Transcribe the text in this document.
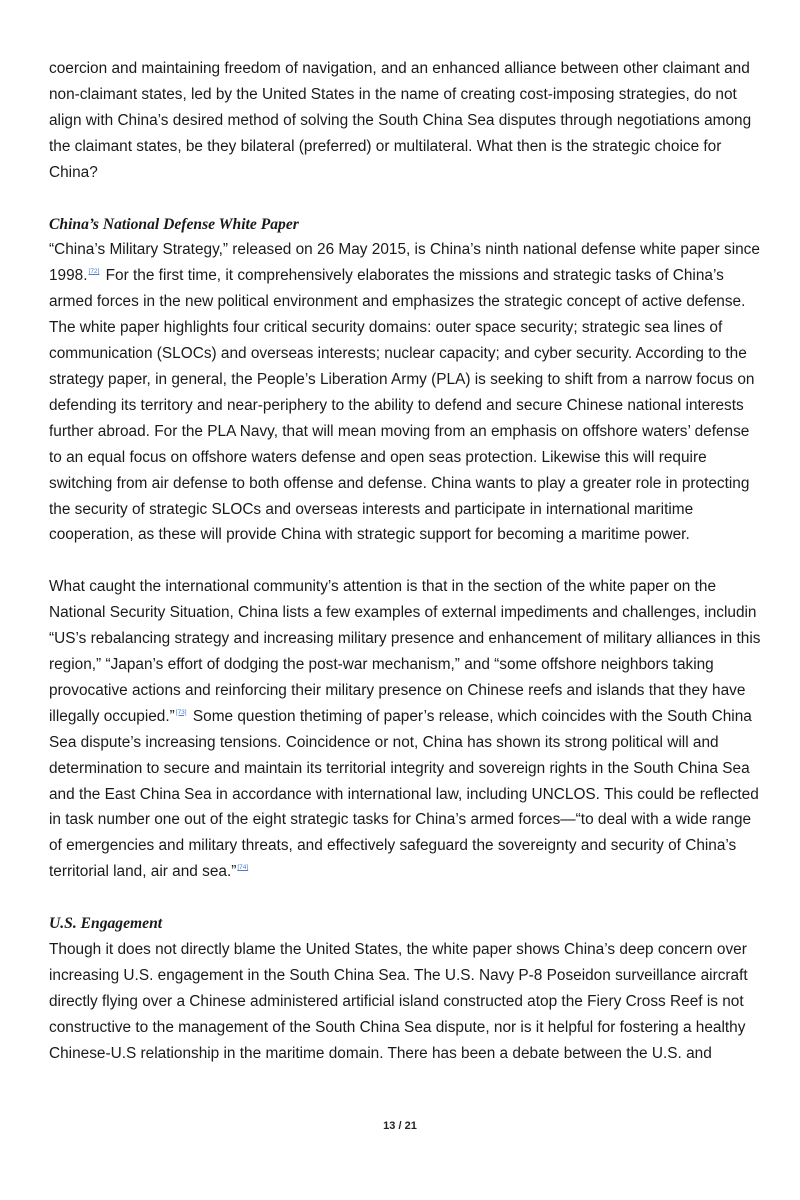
coercion and maintaining freedom of navigation, and an enhanced alliance between other claimant and non-claimant states, led by the United States in the name of creating cost-imposing strategies, do not align with China’s desired method of solving the South China Sea disputes through negotiations among the claimant states, be they bilateral (preferred) or multilateral. What then is the strategic choice for China?

China’s National Defense White Paper

“China’s Military Strategy,” released on 26 May 2015, is China’s ninth national defense white paper since 1998.[72] For the first time, it comprehensively elaborates the missions and strategic tasks of China’s armed forces in the new political environment and emphasizes the strategic concept of active defense. The white paper highlights four critical security domains: outer space security; strategic sea lines of communication (SLOCs) and overseas interests; nuclear capacity; and cyber security. According to the strategy paper, in general, the People’s Liberation Army (PLA) is seeking to shift from a narrow focus on defending its territory and near-periphery to the ability to defend and secure Chinese national interests further abroad. For the PLA Navy, that will mean moving from an emphasis on offshore waters’ defense to an equal focus on offshore waters defense and open seas protection. Likewise this will require switching from air defense to both offense and defense. China wants to play a greater role in protecting the security of strategic SLOCs and overseas interests and participate in international maritime cooperation, as these will provide China with strategic support for becoming a maritime power.

What caught the international community’s attention is that in the section of the white paper on the National Security Situation, China lists a few examples of external impediments and challenges, includin   “US’s rebalancing strategy and increasing military presence and enhancement of military alliances in this region,” “Japan’s effort of dodging the post-war mechanism,” and “some offshore neighbors taking provocative actions and reinforcing their military presence on Chinese reefs and islands that they have illegally occupied.”[73] Some question thetiming of paper’s release, which coincides with the South China Sea dispute’s increasing tensions. Coincidence or not, China has shown its strong political will and determination to secure and maintain its territorial integrity and sovereign rights in the South China Sea and the East China Sea in accordance with international law, including UNCLOS. This could be reflected in task number one out of the eight strategic tasks for China’s armed forces—“to deal with a wide range of emergencies and military threats, and effectively safeguard the sovereignty and security of China’s territorial land, air and sea.”[74]

U.S. Engagement

Though it does not directly blame the United States, the white paper shows China’s deep concern over increasing U.S. engagement in the South China Sea. The U.S. Navy P-8 Poseidon surveillance aircraft directly flying over a Chinese administered artificial island constructed atop the Fiery Cross Reef is not constructive to the management of the South China Sea dispute, nor is it helpful for fostering a healthy Chinese-U.S relationship in the maritime domain. There has been a debate between the U.S. and

13 / 21
